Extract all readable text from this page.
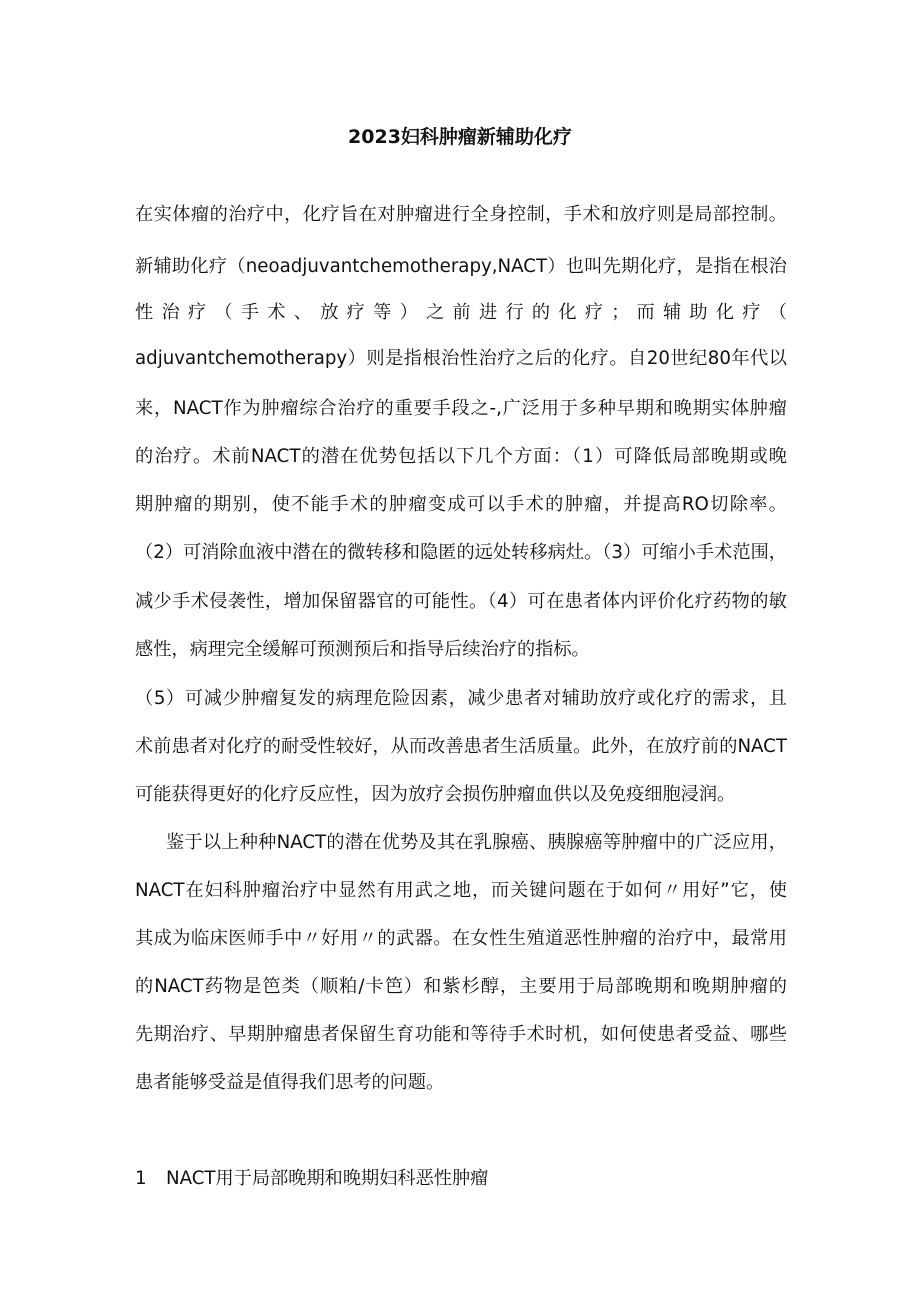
2023妇科肿瘤新辅助化疗
在实体瘤的治疗中，化疗旨在对肿瘤进行全身控制，手术和放疗则是局部控制。
新辅助化疗（neoadjuvantchemotherapy,NACT）也叫先期化疗，是指在根治
性 治 疗 （ 手 术 、 放 疗 等 ） 之 前 进 行 的 化 疗 ； 而 辅 助 化 疗 （
adjuvantchemotherapy）则是指根治性治疗之后的化疗。自20世纪80年代以
来，NACT作为肿瘤综合治疗的重要手段之-,广泛用于多种早期和晚期实体肿瘤
的治疗。术前NACT的潜在优势包括以下几个方面：（1）可降低局部晚期或晚
期肿瘤的期别，使不能手术的肿瘤变成可以手术的肿瘤，并提高RO切除率。
（2）可消除血液中潜在的微转移和隐匿的远处转移病灶。（3）可缩小手术范围，
减少手术侵袭性，增加保留器官的可能性。（4）可在患者体内评价化疗药物的敏
感性，病理完全缓解可预测预后和指导后续治疗的指标。
（5）可减少肿瘤复发的病理危险因素，减少患者对辅助放疗或化疗的需求，且
术前患者对化疗的耐受性较好，从而改善患者生活质量。此外，在放疗前的NACT
可能获得更好的化疗反应性，因为放疗会损伤肿瘤血供以及免疫细胞浸润。
鉴于以上种种NACT的潜在优势及其在乳腺癌、胰腺癌等肿瘤中的广泛应用，
NACT在妇科肿瘤治疗中显然有用武之地，而关键问题在于如何〃用好”它，使
其成为临床医师手中〃好用〃的武器。在女性生殖道恶性肿瘤的治疗中，最常用
的NACT药物是笆类（顺粕/卡笆）和紫杉醇，主要用于局部晚期和晚期肿瘤的
先期治疗、早期肿瘤患者保留生育功能和等待手术时机，如何使患者受益、哪些
患者能够受益是值得我们思考的问题。
1 NACT用于局部晚期和晚期妇科恶性肿瘤
